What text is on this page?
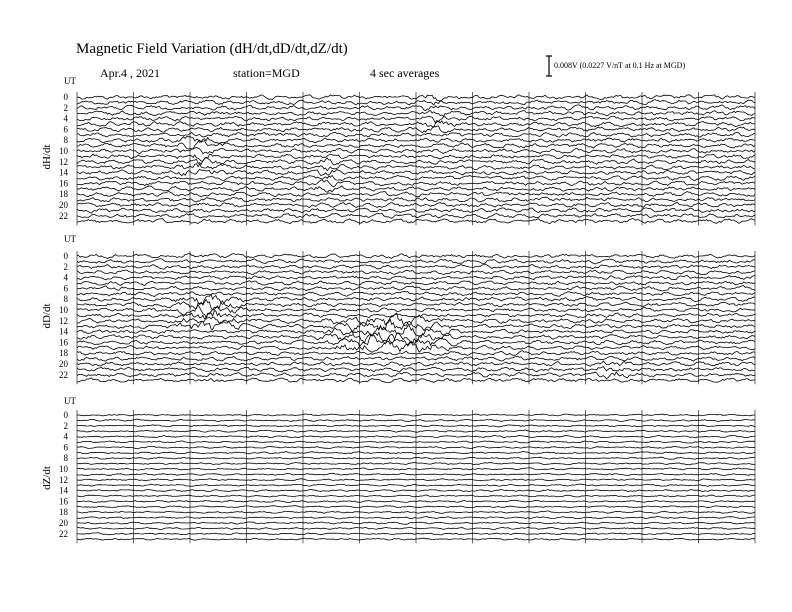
Magnetic Field Variation (dH/dt,dD/dt,dZ/dt)
Apr.4 , 2021	station=MGD	4 sec averages
0.008V (0.0227 V/nT at 0.1 Hz at MGD)
UT
dH/dt
0
2
4
6
8
10
12
14
16
18
20
22
UT
dD/dt
0
2
4
6
8
10
12
14
16
18
20
22
UT
dZ/dt
0
2
4
6
8
10
12
14
16
18
20
22
